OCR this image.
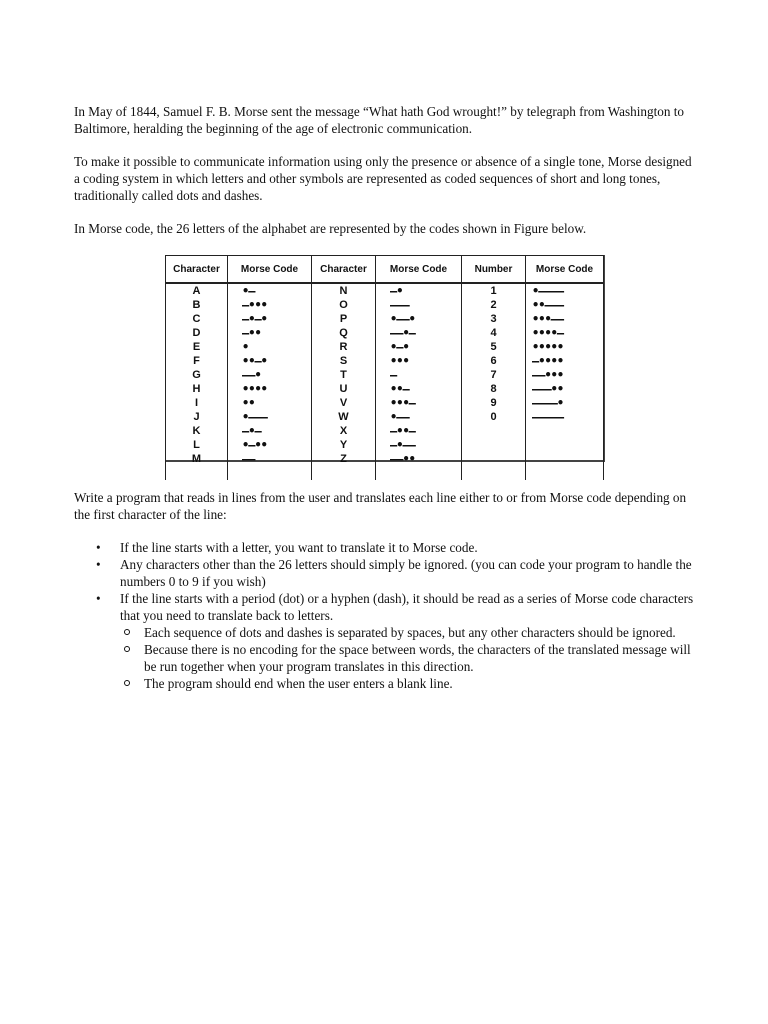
In May of 1844, Samuel F. B. Morse sent the message “What hath God wrought!” by telegraph from Washington to Baltimore, heralding the beginning of the age of electronic communication.

To make it possible to communicate information using only the presence or absence of a single tone, Morse designed a coding system in which letters and other symbols are represented as coded sequences of short and long tones, traditionally called dots and dashes.

In Morse code, the 26 letters of the alphabet are represented by the codes shown in Figure below.

Character	Morse Code	Character	Morse Code	Number	Morse Code
A	•—	N	—•	1	•————
B	—•••	O	———	2	••———
C	—•—•	P	•——•	3	•••——
D	—••	Q	——•—	4	••••—
E	•	R	•—•	5	•••••
F	••—•	S	•••	6	—••••
G	——•	T	—	7	——•••
H	••••	U	••—	8	———••
I	••	V	•••—	9	————•
J	•———	W	•——	0	—————
K	—•—	X	—••—		
L	•—••	Y	—•——		
M	——	Z	——••		

Write a program that reads in lines from the user and translates each line either to or from Morse code depending on the first character of the line:

• If the line starts with a letter, you want to translate it to Morse code.
• Any characters other than the 26 letters should simply be ignored. (you can code your program to handle the numbers 0 to 9 if you wish)
• If the line starts with a period (dot) or a hyphen (dash), it should be read as a series of Morse code characters that you need to translate back to letters.
Each sequence of dots and dashes is separated by spaces, but any other characters should be ignored.
Because there is no encoding for the space between words, the characters of the translated message will be run together when your program translates in this direction.
The program should end when the user enters a blank line.
